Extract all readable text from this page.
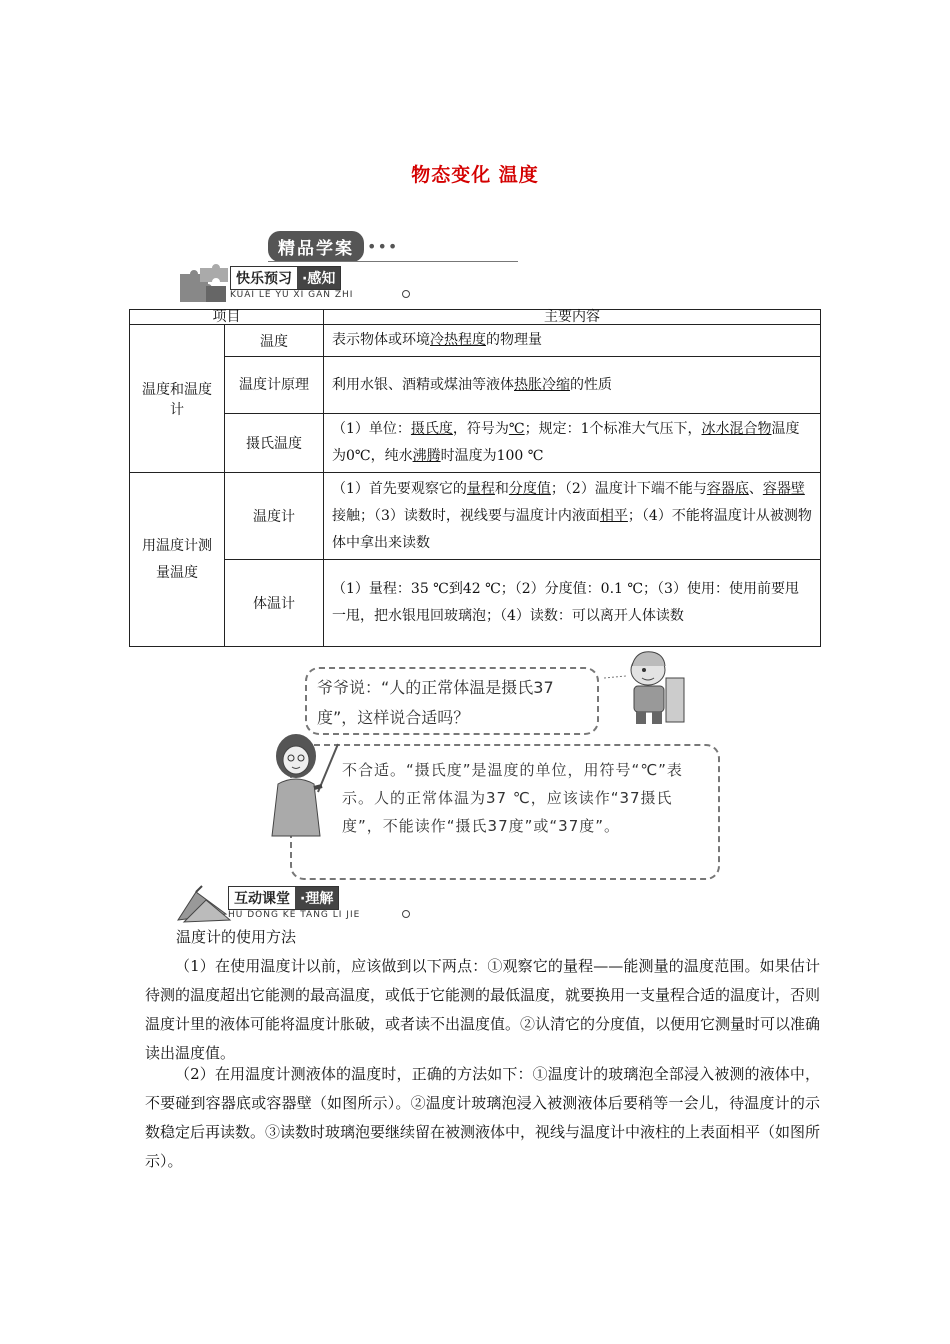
物态变化 温度
精品学案 •••
快乐预习 ·感知
KUAI LE YU XI GAN ZHI
项目		主要内容
温度和温度计	温度	表示物体或环境冷热程度的物理量
	温度计原理	利用水银、酒精或煤油等液体热胀冷缩的性质
	摄氏温度	（1）单位：摄氏度，符号为℃；规定：1个标准大气压下，冰水混合物温度为0℃，纯水沸腾时温度为100 ℃
用温度计测量温度	温度计	（1）首先要观察它的量程和分度值；（2）温度计下端不能与容器底、容器壁接触；（3）读数时，视线要与温度计内液面相平；（4）不能将温度计从被测物体中拿出来读数
	体温计	（1）量程：35 ℃到42 ℃；（2）分度值：0.1 ℃；（3）使用：使用前要甩一甩，把水银甩回玻璃泡；（4）读数：可以离开人体读数
爷爷说：“人的正常体温是摄氏37度”，这样说合适吗？
不合适。“摄氏度”是温度的单位，用符号“℃”表示。人的正常体温为37 ℃，应该读作“37摄氏度”，不能读作“摄氏37度”或“37度”。
互动课堂 ·理解
HU DONG KE TANG LI JIE
温度计的使用方法
（1）在使用温度计以前，应该做到以下两点：①观察它的量程——能测量的温度范围。如果估计待测的温度超出它能测的最高温度，或低于它能测的最低温度，就要换用一支量程合适的温度计，否则温度计里的液体可能将温度计胀破，或者读不出温度值。②认清它的分度值，以便用它测量时可以准确读出温度值。
（2）在用温度计测液体的温度时，正确的方法如下：①温度计的玻璃泡全部浸入被测的液体中，不要碰到容器底或容器壁（如图所示）。②温度计玻璃泡浸入被测液体后要稍等一会儿，待温度计的示数稳定后再读数。③读数时玻璃泡要继续留在被测液体中，视线与温度计中液柱的上表面相平（如图所示）。
